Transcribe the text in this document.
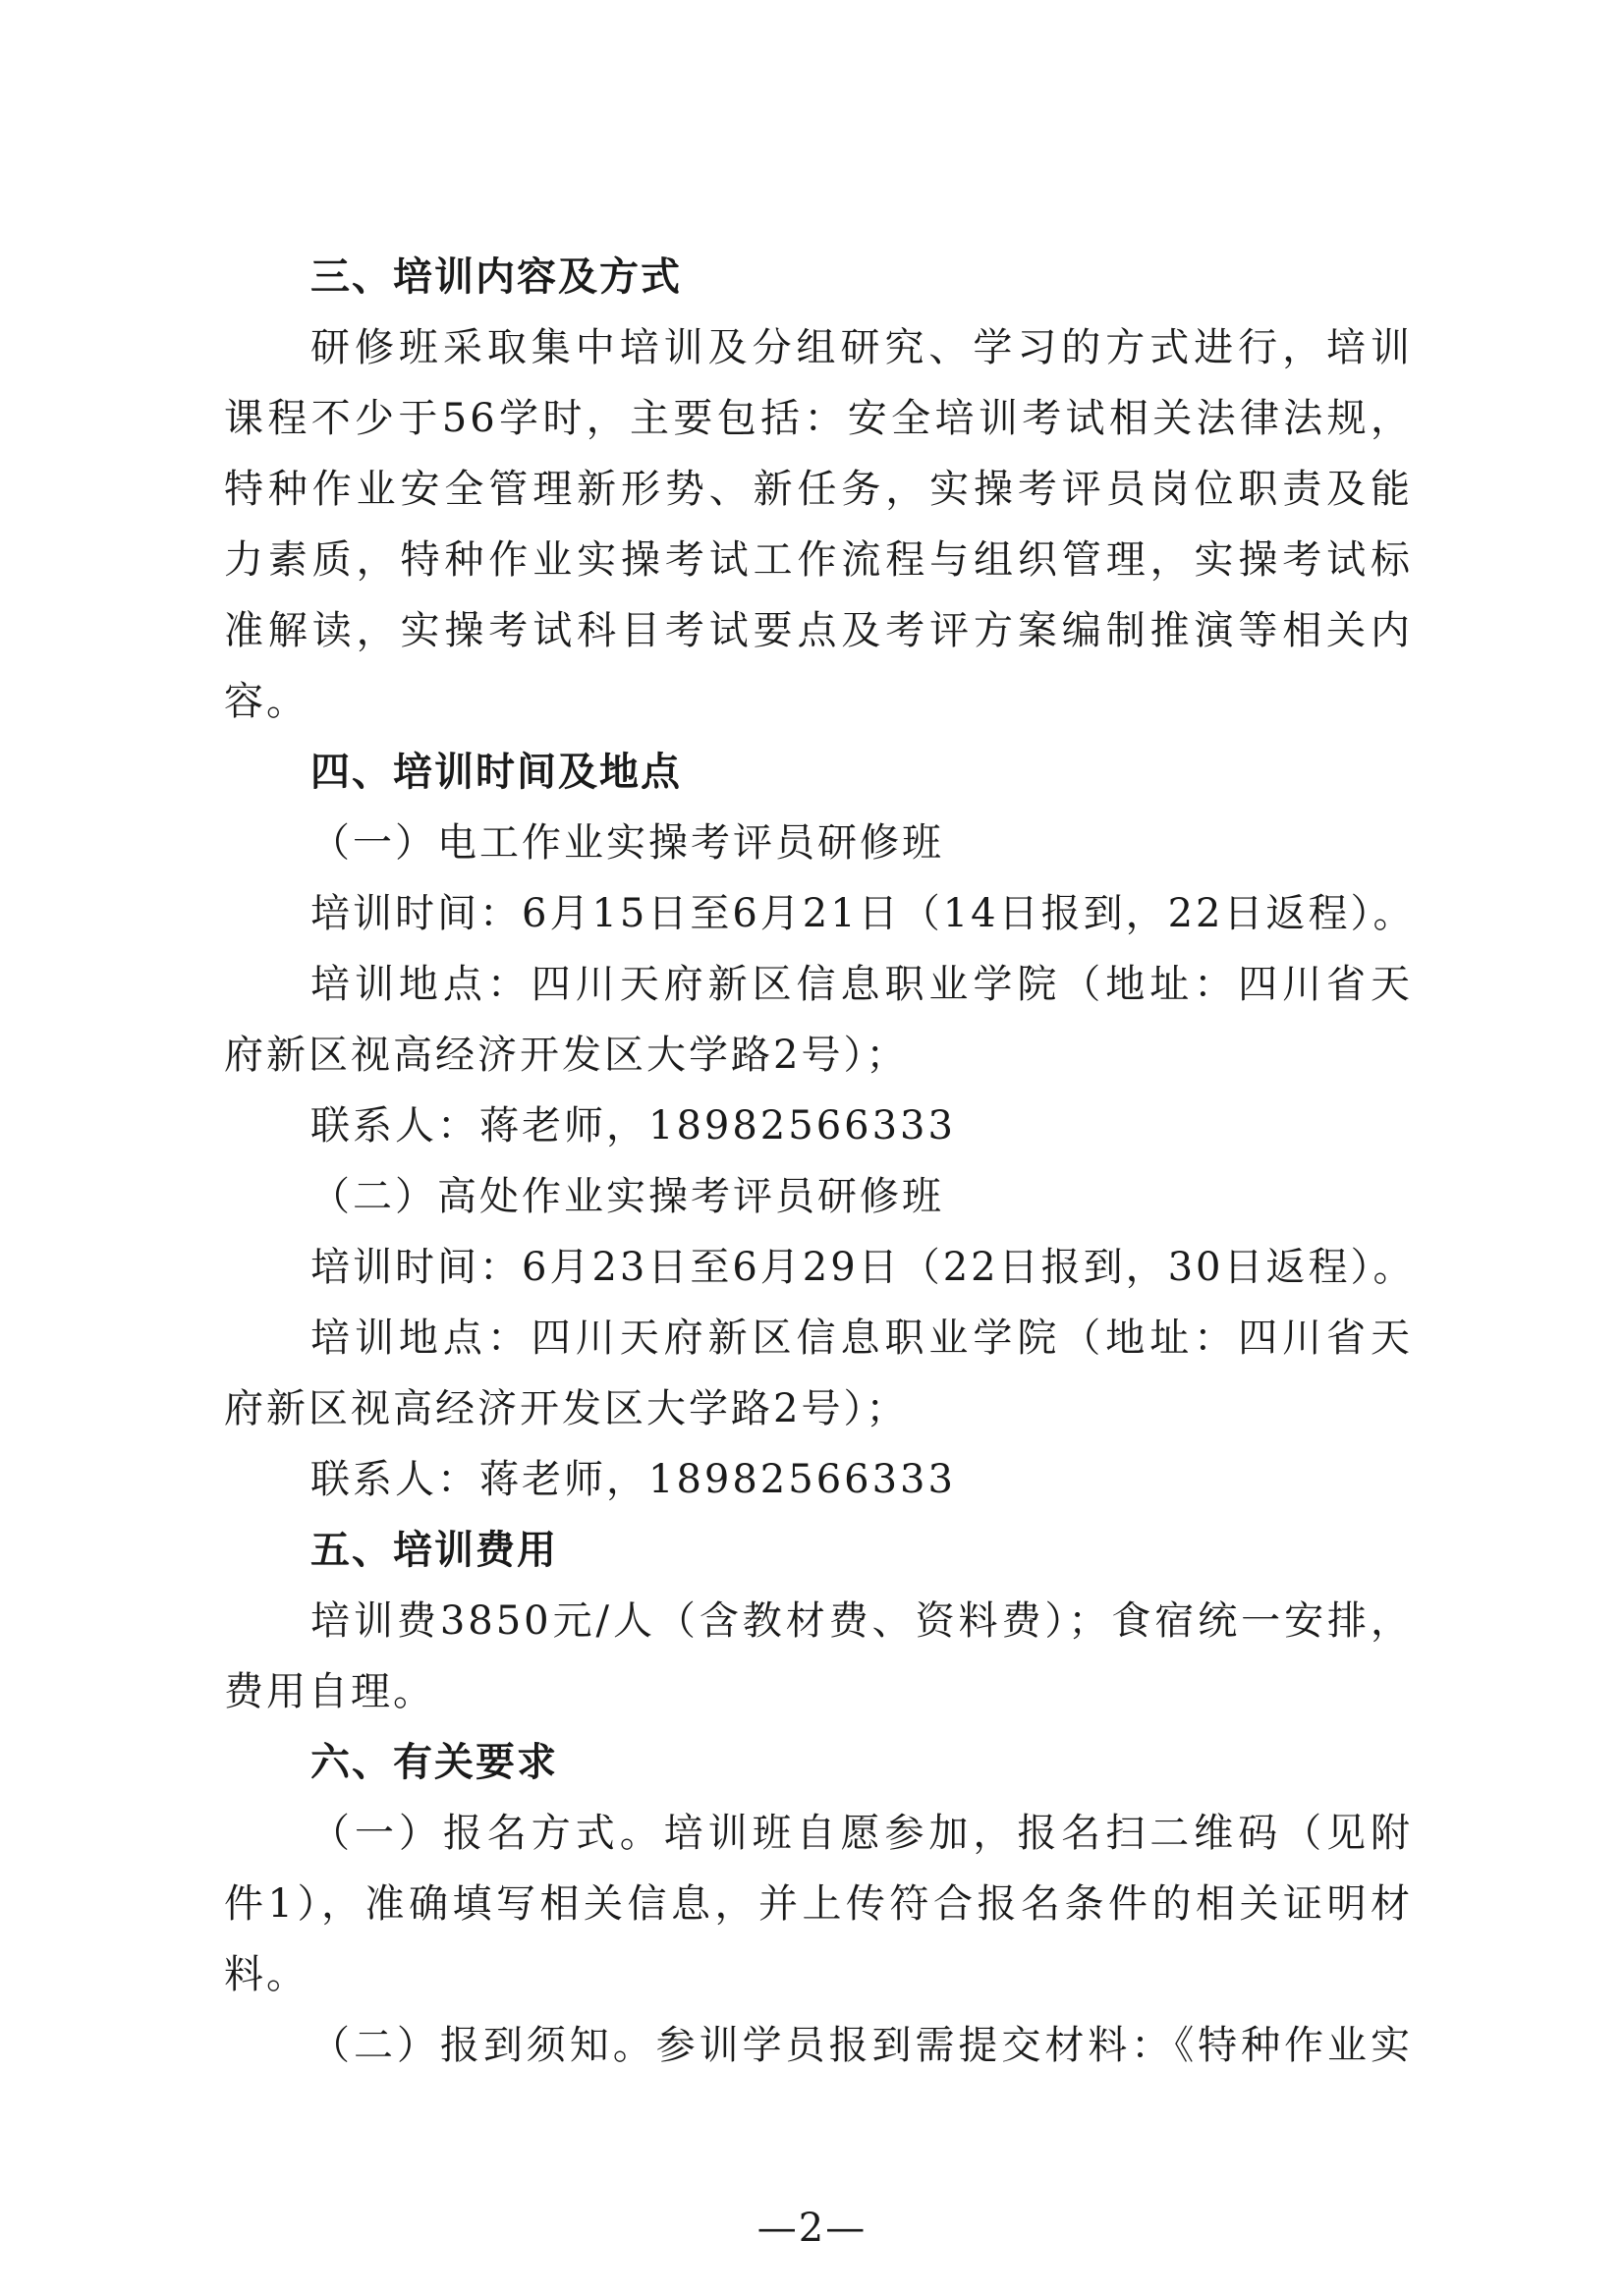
三、培训内容及方式
研修班采取集中培训及分组研究、学习的方式进行，培训
课程不少于56学时，主要包括：安全培训考试相关法律法规，
特种作业安全管理新形势、新任务，实操考评员岗位职责及能
力素质，特种作业实操考试工作流程与组织管理，实操考试标
准解读，实操考试科目考试要点及考评方案编制推演等相关内
容。
四、培训时间及地点
（一）电工作业实操考评员研修班
培训时间：6月15日至6月21日（14日报到，22日返程）。
培训地点：四川天府新区信息职业学院（地址：四川省天
府新区视高经济开发区大学路2号）；
联系人：蒋老师，18982566333
（二）高处作业实操考评员研修班
培训时间：6月23日至6月29日（22日报到，30日返程）。
培训地点：四川天府新区信息职业学院（地址：四川省天
府新区视高经济开发区大学路2号）；
联系人：蒋老师，18982566333
五、培训费用
培训费3850元/人（含教材费、资料费）；食宿统一安排，
费用自理。
六、有关要求
（一）报名方式。培训班自愿参加，报名扫二维码（见附
件1），准确填写相关信息，并上传符合报名条件的相关证明材
料。
（二）报到须知。参训学员报到需提交材料：《特种作业实
—2—
